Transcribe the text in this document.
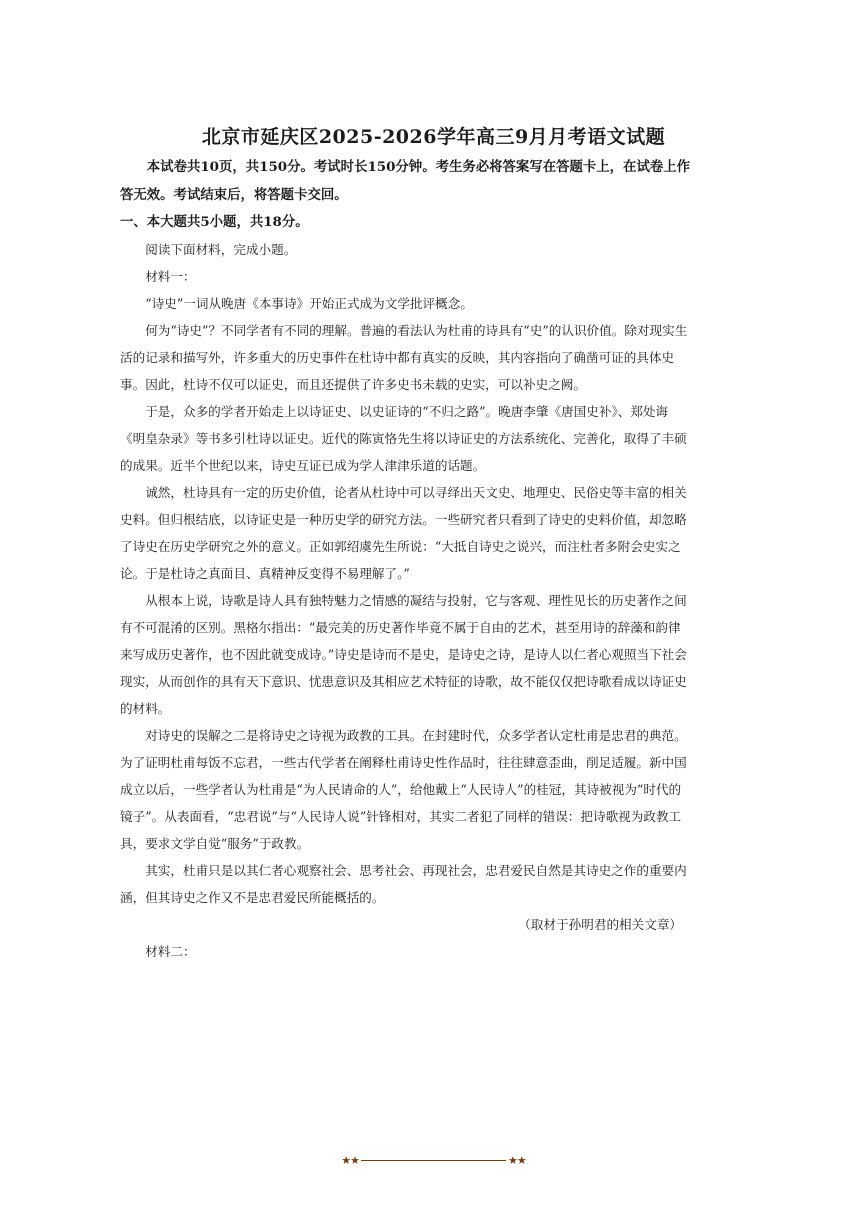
北京市延庆区2025-2026学年高三9月月考语文试题

本试卷共10页，共150分。考试时长150分钟。考生务必将答案写在答题卡上，在试卷上作答无效。考试结束后，将答题卡交回。

一、本大题共5小题，共18分。

阅读下面材料，完成小题。

材料一：

“诗史”一词从晚唐《本事诗》开始正式成为文学批评概念。

何为“诗史”？不同学者有不同的理解。普遍的看法认为杜甫的诗具有“史”的认识价值。除对现实生活的记录和描写外，许多重大的历史事件在杜诗中都有真实的反映，其内容指向了确凿可证的具体史事。因此，杜诗不仅可以证史，而且还提供了许多史书未载的史实，可以补史之阙。

于是，众多的学者开始走上以诗证史、以史证诗的“不归之路”。晚唐李肇《唐国史补》、郑处诲《明皇杂录》等书多引杜诗以证史。近代的陈寅恪先生将以诗证史的方法系统化、完善化，取得了丰硕的成果。近半个世纪以来，诗史互证已成为学人津津乐道的话题。

诚然，杜诗具有一定的历史价值，论者从杜诗中可以寻绎出天文史、地理史、民俗史等丰富的相关史料。但归根结底，以诗证史是一种历史学的研究方法。一些研究者只看到了诗史的史料价值，却忽略了诗史在历史学研究之外的意义。正如郭绍虞先生所说：“大抵自诗史之说兴，而注杜者多附会史实之论。于是杜诗之真面目、真精神反变得不易理解了。”

从根本上说，诗歌是诗人具有独特魅力之情感的凝结与投射，它与客观、理性见长的历史著作之间有不可混淆的区别。黑格尔指出：“最完美的历史著作毕竟不属于自由的艺术，甚至用诗的辞藻和韵律来写成历史著作，也不因此就变成诗。”诗史是诗而不是史，是诗史之诗，是诗人以仁者心观照当下社会现实，从而创作的具有天下意识、忧患意识及其相应艺术特征的诗歌，故不能仅仅把诗歌看成以诗证史的材料。

对诗史的误解之二是将诗史之诗视为政教的工具。在封建时代，众多学者认定杜甫是忠君的典范。为了证明杜甫每饭不忘君，一些古代学者在阐释杜甫诗史性作品时，往往肆意歪曲，削足适履。新中国成立以后，一些学者认为杜甫是“为人民请命的人”，给他戴上“人民诗人”的桂冠，其诗被视为“时代的镜子”。从表面看，“忠君说”与“人民诗人说”针锋相对，其实二者犯了同样的错误：把诗歌视为政教工具，要求文学自觉“服务”于政教。

其实，杜甫只是以其仁者心观察社会、思考社会、再现社会，忠君爱民自然是其诗史之作的重要内涵，但其诗史之作又不是忠君爱民所能概括的。

（取材于孙明君的相关文章）

材料二：

★★	★★
